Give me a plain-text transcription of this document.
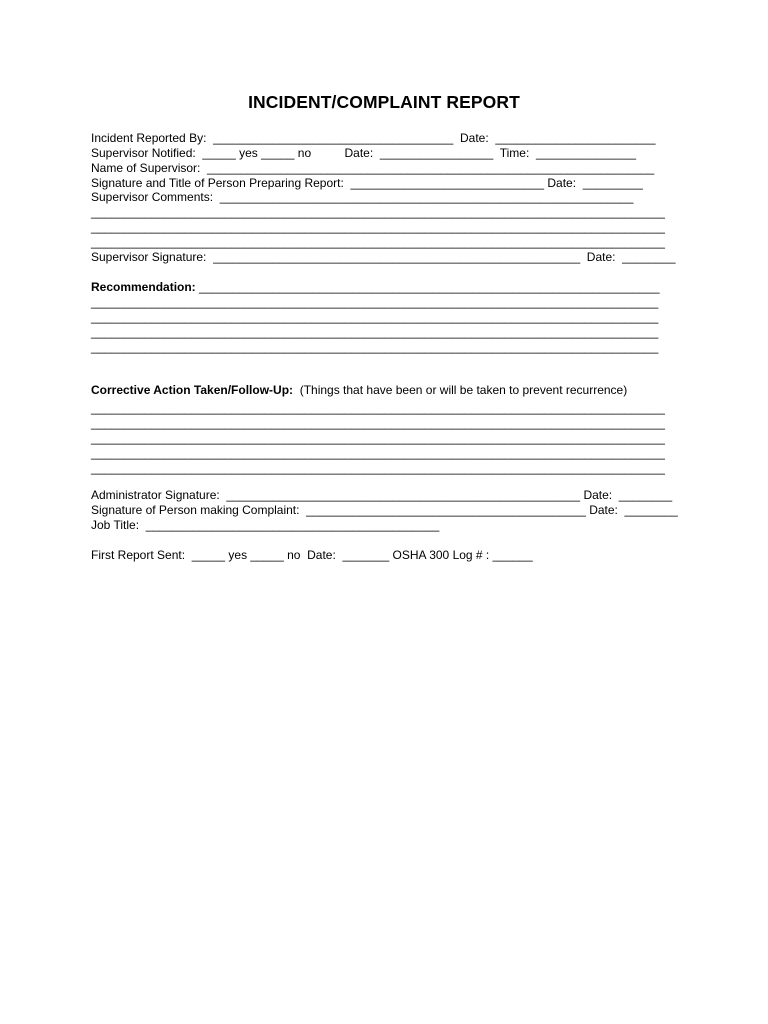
INCIDENT/COMPLAINT REPORT
Incident Reported By:  ____________________________________  Date:  ________________________
Supervisor Notified:  _____ yes _____ no          Date:  _________________  Time:  _______________
Name of Supervisor:  ___________________________________________________________________
Signature and Title of Person Preparing Report:  _____________________________ Date:  _________
Supervisor Comments:  ______________________________________________________________
______________________________________________________________________________________
______________________________________________________________________________________
______________________________________________________________________________________
Supervisor Signature:  _______________________________________________________  Date:  ________
Recommendation: _____________________________________________________________________
_____________________________________________________________________________________
_____________________________________________________________________________________
_____________________________________________________________________________________
_____________________________________________________________________________________
Corrective Action Taken/Follow-Up:  (Things that have been or will be taken to prevent recurrence)
______________________________________________________________________________________
______________________________________________________________________________________
______________________________________________________________________________________
______________________________________________________________________________________
______________________________________________________________________________________
Administrator Signature:  _____________________________________________________ Date:  ________
Signature of Person making Complaint:  __________________________________________ Date:  ________
Job Title:  ____________________________________________
First Report Sent:  _____ yes _____ no  Date:  _______ OSHA 300 Log # : ______
